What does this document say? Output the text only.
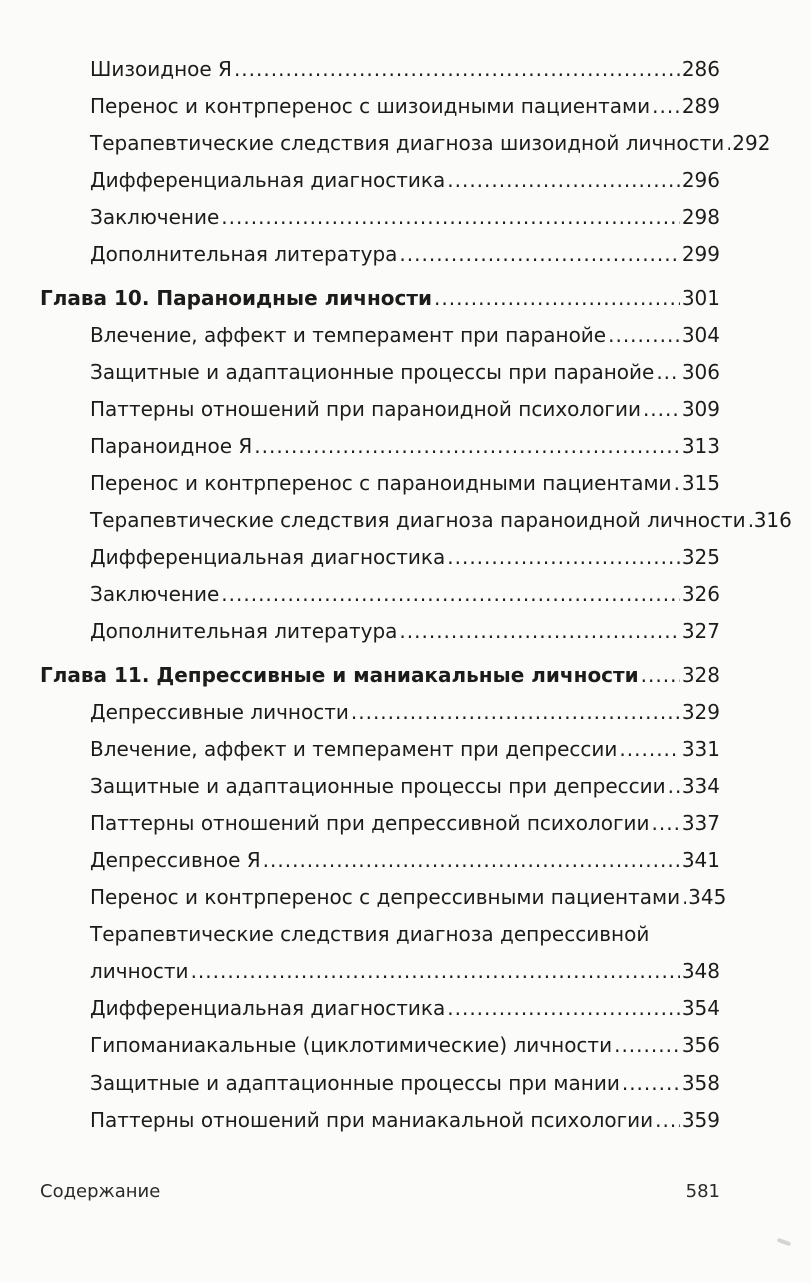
Шизоидное Я .....	286
Перенос и контрперенос с шизоидными пациентами ..... 289
Терапевтические следствия диагноза шизоидной личности ..... 292
Дифференциальная диагностика .....	296
Заключение .....	298
Дополнительная литература .....	299
Глава 10. Параноидные личности .....	301
Влечение, аффект и темперамент при паранойе .....	304
Защитные и адаптационные процессы при паранойе ..... 306
Паттерны отношений при параноидной психологии ..... 309
Параноидное Я .....	313
Перенос и контрперенос с параноидными пациентами ..... 315
Терапевтические следствия диагноза параноидной личности ..... 316
Дифференциальная диагностика .....	325
Заключение .....	326
Дополнительная литература .....	327
Глава 11. Депрессивные и маниакальные личности ..... 328
Депрессивные личности .....	329
Влечение, аффект и темперамент при депрессии .....	331
Защитные и адаптационные процессы при депрессии ..... 334
Паттерны отношений при депрессивной психологии ..... 337
Депрессивное Я .....	341
Перенос и контрперенос с депрессивными пациентами ..... 345
Терапевтические следствия диагноза депрессивной
личности .....	348
Дифференциальная диагностика .....	354
Гипоманиакальные (циклотимические) личности .....	356
Защитные и адаптационные процессы при мании .....	358
Паттерны отношений при маниакальной психологии ..... 359
Содержание	581
